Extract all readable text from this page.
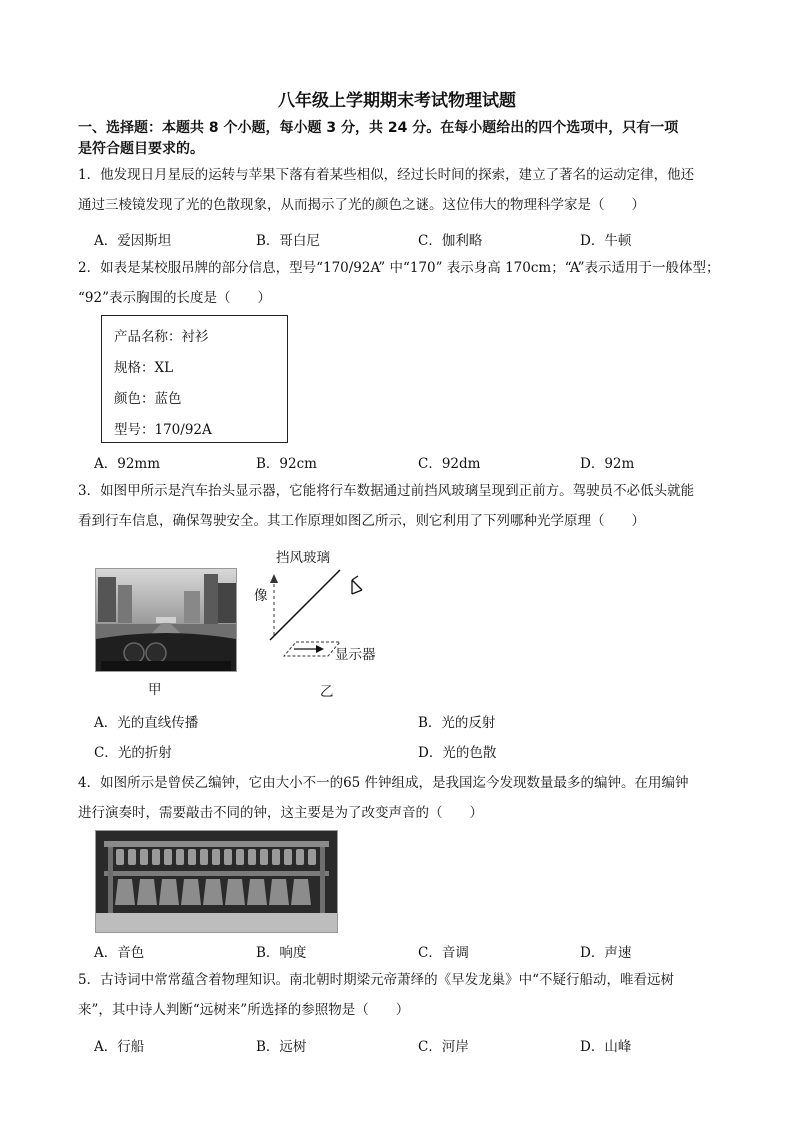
八年级上学期期末考试物理试题
一、选择题：本题共 8 个小题，每小题 3 分，共 24 分。在每小题给出的四个选项中，只有一项
是符合题目要求的。
1．他发现日月星辰的运转与苹果下落有着某些相似，经过长时间的探索，建立了著名的运动定律，他还
通过三棱镜发现了光的色散现象，从而揭示了光的颜色之谜。这位伟大的物理科学家是（　　）
A．爱因斯坦	B．哥白尼	C．伽利略	D．牛顿
2．如表是某校服吊牌的部分信息，型号“170/92A” 中“170” 表示身高 170cm；“A”表示适用于一般体型；
“92”表示胸围的长度是（　　）
产品名称：衬衫
规格：XL
颜色：蓝色
型号：170/92A
A．92mm	B．92cm	C．92dm	D．92m
3．如图甲所示是汽车抬头显示器，它能将行车数据通过前挡风玻璃呈现到正前方。驾驶员不必低头就能
看到行车信息，确保驾驶安全。其工作原理如图乙所示，则它利用了下列哪种光学原理（　　）
甲
挡风玻璃
像
显示器
乙
A．光的直线传播	B．光的反射
C．光的折射	D．光的色散
4．如图所示是曾侯乙编钟，它由大小不一的65 件钟组成，是我国迄今发现数量最多的编钟。在用编钟
进行演奏时，需要敲击不同的钟，这主要是为了改变声音的（　　）
A．音色	B．响度	C．音调	D．声速
5．古诗词中常常蕴含着物理知识。南北朝时期梁元帝萧绎的《早发龙巢》中“不疑行船动，唯看远树
来”，其中诗人判断“远树来”所选择的参照物是（　　）
A．行船	B．远树	C．河岸	D．山峰
